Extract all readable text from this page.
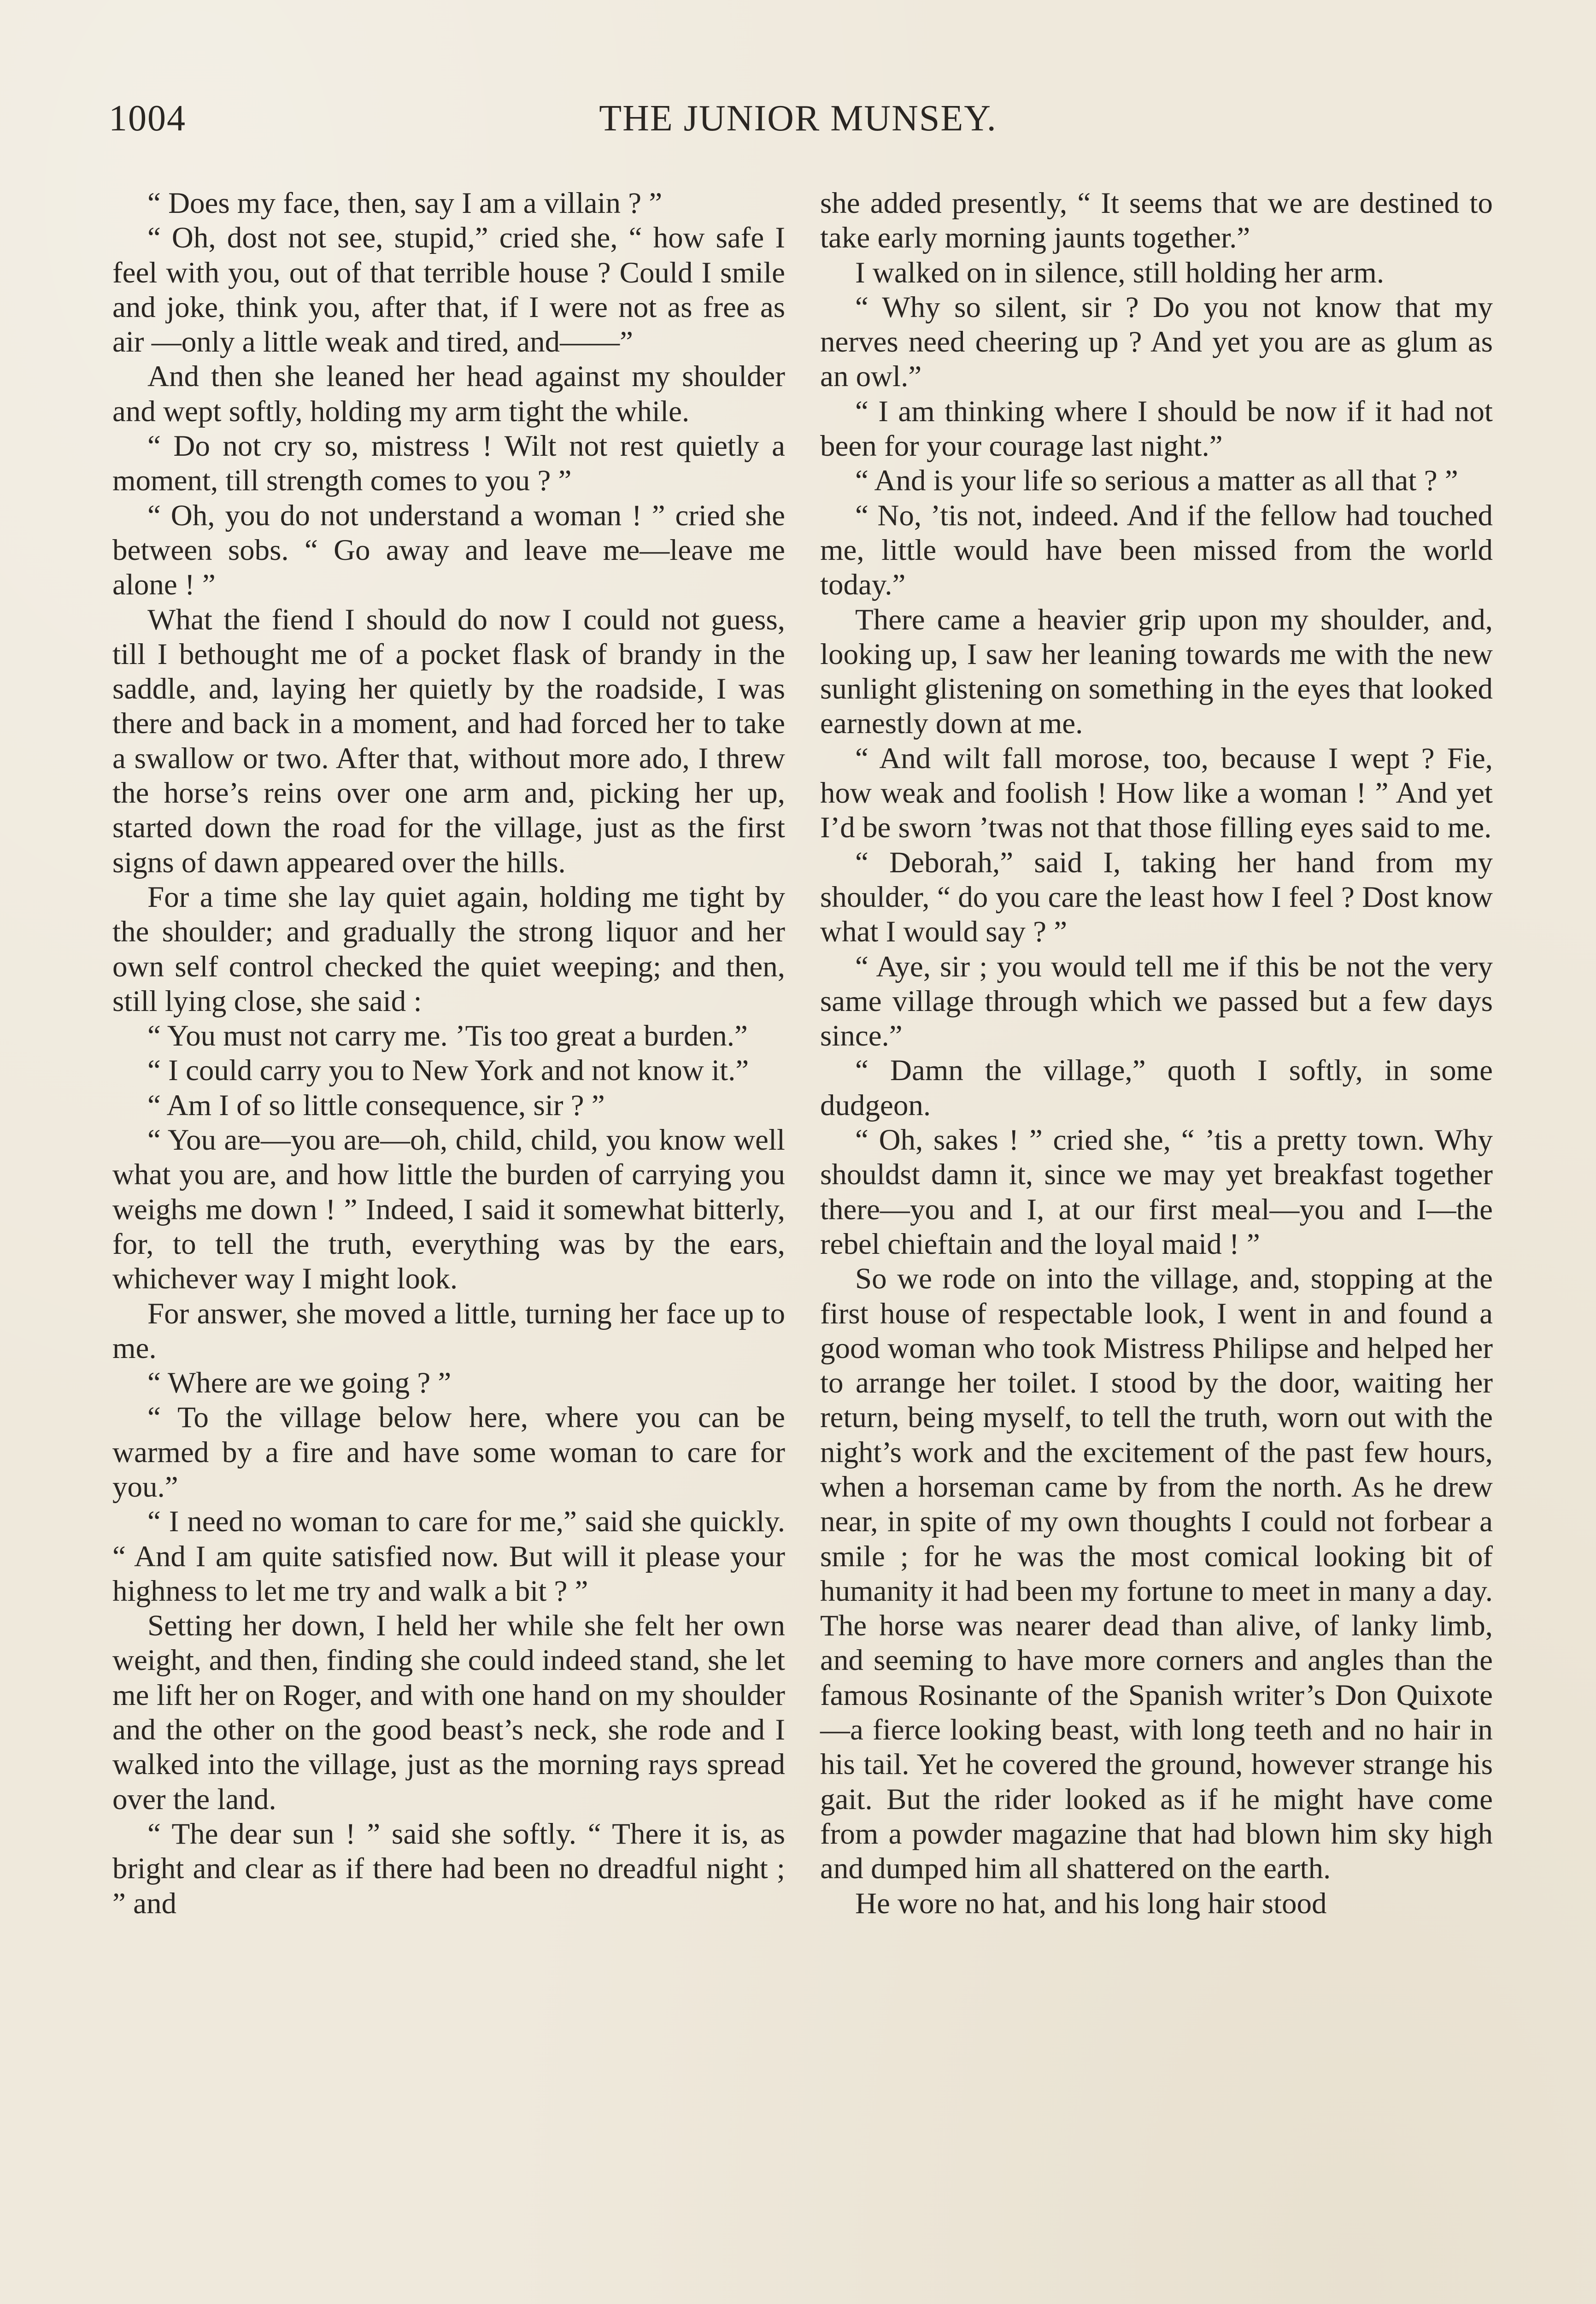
1004	THE JUNIOR MUNSEY.

“ Does my face, then, say I am a villain ? ”

“ Oh, dost not see, stupid,” cried she, “ how safe I feel with you, out of that terrible house ? Could I smile and joke, think you, after that, if I were not as free as air —only a little weak and tired, and——”

And then she leaned her head against my shoulder and wept softly, holding my arm tight the while.

“ Do not cry so, mistress ! Wilt not rest quietly a moment, till strength comes to you ? ”

“ Oh, you do not understand a woman ! ” cried she between sobs. “ Go away and leave me—leave me alone ! ”

What the fiend I should do now I could not guess, till I bethought me of a pocket flask of brandy in the saddle, and, laying her quietly by the roadside, I was there and back in a moment, and had forced her to take a swallow or two. After that, without more ado, I threw the horse’s reins over one arm and, picking her up, started down the road for the village, just as the first signs of dawn appeared over the hills.

For a time she lay quiet again, holding me tight by the shoulder; and gradually the strong liquor and her own self control checked the quiet weeping; and then, still lying close, she said :

“ You must not carry me. ’Tis too great a burden.”

“ I could carry you to New York and not know it.”

“ Am I of so little consequence, sir ? ”

“ You are—you are—oh, child, child, you know well what you are, and how little the burden of carrying you weighs me down ! ” Indeed, I said it somewhat bitterly, for, to tell the truth, everything was by the ears, whichever way I might look.

For answer, she moved a little, turning her face up to me.

“ Where are we going ? ”

“ To the village below here, where you can be warmed by a fire and have some woman to care for you.”

“ I need no woman to care for me,” said she quickly. “ And I am quite satisfied now. But will it please your highness to let me try and walk a bit ? ”

Setting her down, I held her while she felt her own weight, and then, finding she could indeed stand, she let me lift her on Roger, and with one hand on my shoulder and the other on the good beast’s neck, she rode and I walked into the village, just as the morning rays spread over the land.

“ The dear sun ! ” said she softly. “ There it is, as bright and clear as if there had been no dreadful night ; ” and

she added presently, “ It seems that we are destined to take early morning jaunts together.”

I walked on in silence, still holding her arm.

“ Why so silent, sir ? Do you not know that my nerves need cheering up ? And yet you are as glum as an owl.”

“ I am thinking where I should be now if it had not been for your courage last night.”

“ And is your life so serious a matter as all that ? ”

“ No, ’tis not, indeed. And if the fellow had touched me, little would have been missed from the world today.”

There came a heavier grip upon my shoulder, and, looking up, I saw her leaning towards me with the new sunlight glistening on something in the eyes that looked earnestly down at me.

“ And wilt fall morose, too, because I wept ? Fie, how weak and foolish ! How like a woman ! ” And yet I’d be sworn ’twas not that those filling eyes said to me.

“ Deborah,” said I, taking her hand from my shoulder, “ do you care the least how I feel ? Dost know what I would say ? ”

“ Aye, sir ; you would tell me if this be not the very same village through which we passed but a few days since.”

“ Damn the village,” quoth I softly, in some dudgeon.

“ Oh, sakes ! ” cried she, “ ’tis a pretty town. Why shouldst damn it, since we may yet breakfast together there—you and I, at our first meal—you and I—the rebel chieftain and the loyal maid ! ”

So we rode on into the village, and, stopping at the first house of respectable look, I went in and found a good woman who took Mistress Philipse and helped her to arrange her toilet. I stood by the door, waiting her return, being myself, to tell the truth, worn out with the night’s work and the excitement of the past few hours, when a horseman came by from the north. As he drew near, in spite of my own thoughts I could not forbear a smile ; for he was the most comical looking bit of humanity it had been my fortune to meet in many a day. The horse was nearer dead than alive, of lanky limb, and seeming to have more corners and angles than the famous Rosinante of the Spanish writer’s Don Quixote—a fierce looking beast, with long teeth and no hair in his tail. Yet he covered the ground, however strange his gait. But the rider looked as if he might have come from a powder magazine that had blown him sky high and dumped him all shattered on the earth.

He wore no hat, and his long hair stood
